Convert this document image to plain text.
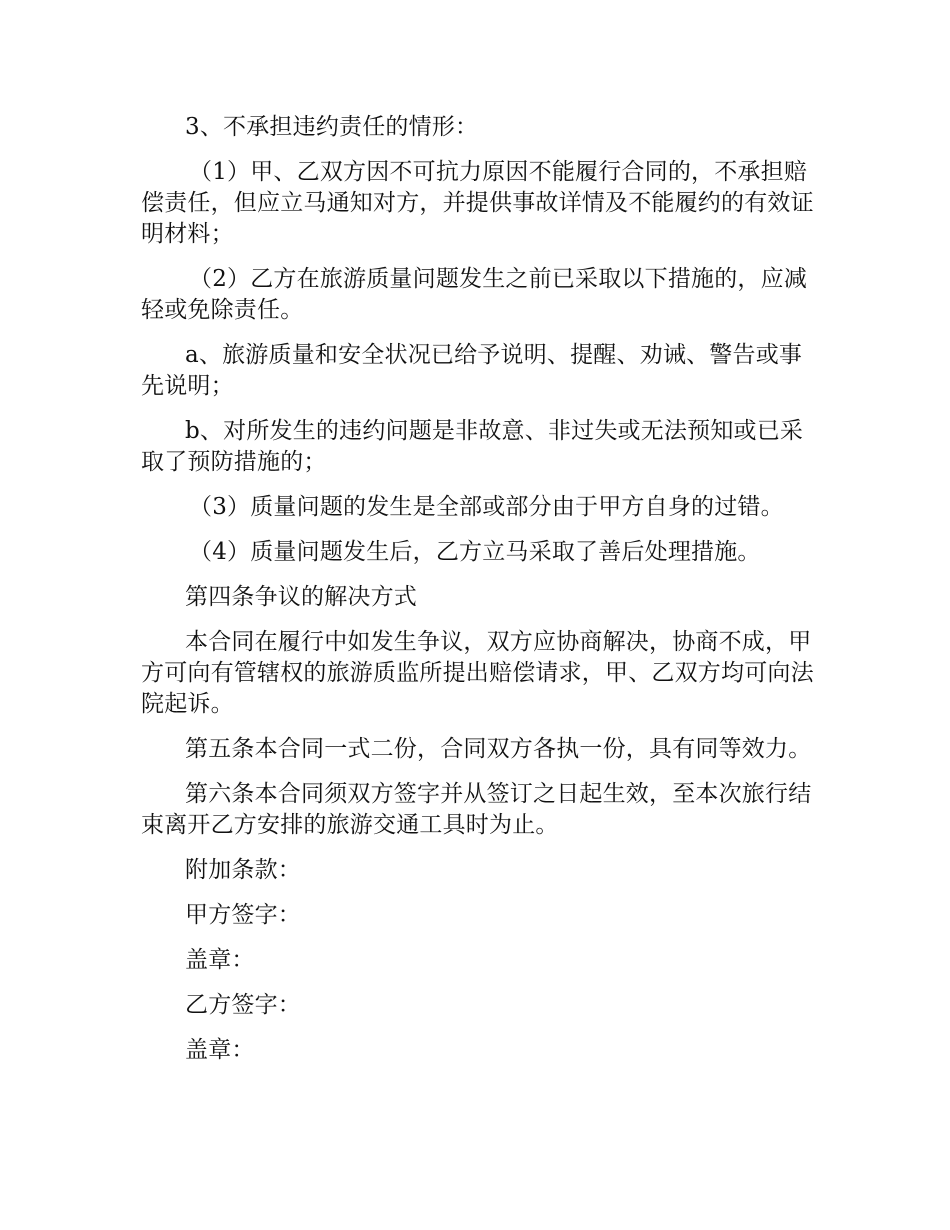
3、不承担违约责任的情形：

（1）甲、乙双方因不可抗力原因不能履行合同的，不承担赔偿责任，但应立马通知对方，并提供事故详情及不能履约的有效证明材料；

（2）乙方在旅游质量问题发生之前已采取以下措施的，应减轻或免除责任。

a、旅游质量和安全状况已给予说明、提醒、劝诫、警告或事先说明；

b、对所发生的违约问题是非故意、非过失或无法预知或已采取了预防措施的；

（3）质量问题的发生是全部或部分由于甲方自身的过错。

（4）质量问题发生后，乙方立马采取了善后处理措施。

第四条争议的解决方式

本合同在履行中如发生争议，双方应协商解决，协商不成，甲方可向有管辖权的旅游质监所提出赔偿请求，甲、乙双方均可向法院起诉。

第五条本合同一式二份，合同双方各执一份，具有同等效力。

第六条本合同须双方签字并从签订之日起生效，至本次旅行结束离开乙方安排的旅游交通工具时为止。

附加条款：

甲方签字：

盖章：

乙方签字：

盖章：
